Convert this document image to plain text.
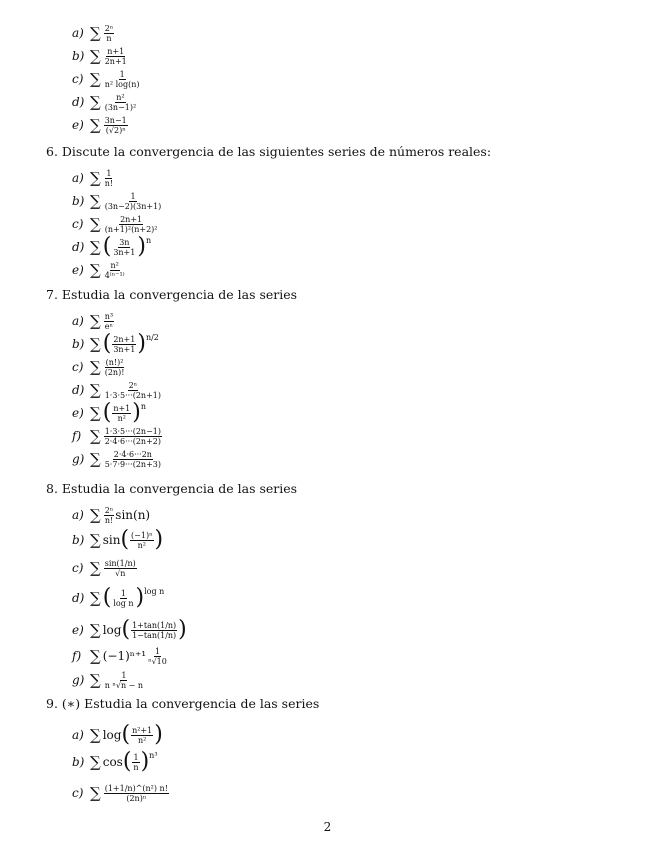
a) ∑ $\frac{\text{2ⁿ}}{n}$
b) ∑ $\frac{n+1}{2n+1}$
c) ∑ $\frac{1}{\text{n² log(n)}}$
d) ∑ $\frac{\text{n²}}{\text{(3n−1)²}}$
e) ∑ $\frac{3n-1}{\text{(√2)ⁿ}}$
6. Discute la convergencia de las siguientes series de números reales:
a) ∑ $\frac{1}{n!}$
b) ∑ $\frac{1}{(3n-2)(3n+1)}$
c) ∑ $\frac{2n+1}{\text{(n+1)²(n+2)²}}$
d) ∑ ( $\frac{3n}{3n+1} )^n$
e) ∑ $\frac{\text{n²}}{\text{4⁽ⁿ⁻¹⁾}}$
7. Estudia la convergencia de las series
a) ∑ $\frac{\text{n³}}{\text{eⁿ}}$
b) ∑ ( $\frac{2n+1}{3n+1} )^{n/2}$
c) ∑ $\frac{\text{(n!)²}}{(2n)!}$
d) ∑ $\frac{\text{2ⁿ}}{1\cdot 3\cdot 5\cdot\cdot\cdot(2n+1)}$
e) ∑ ( $\frac{n+1}{\text{n²}} )^n$
f) ∑ $\frac{1\cdot 3\cdot 5\cdot\cdot\cdot(2n-1)}{2\cdot 4\cdot 6\cdot\cdot\cdot(2n+2)}$
g) ∑ $\frac{2\cdot 4\cdot 6\cdot\cdot\cdot 2n}{5\cdot 7\cdot 9\cdot\cdot\cdot(2n+3)}$
8. Estudia la convergencia de las series
a) ∑ $\frac{\text{2ⁿ}}{n!} \sin(n)$
b) ∑ sin ( $\frac{\text{(−1)ⁿ}}{\text{n²}}$ )
c) ∑ $\frac{\sin(1/n)}{√n}$
d) ∑ ( $\frac{1}{\text{log n}} )^{log n}$
e) ∑ log ( $\frac{1+\tan(1/n)}{1-\tan(1/n)}$ )
f) ∑ $(-1)^{n+1} \frac{1}{\text{ⁿ√10}}$
g) ∑ $\frac{1}{\text{n ⁿ√n − n}}$
9. (∗) Estudia la convergencia de las series
a) ∑ log ( $\frac{\text{n²+1}}{\text{n²}}$ )
b) ∑ cos ( $\frac{1}{n} )^{n^3}$
c) ∑ $\frac{\text{(1+1/n)\textasciicircum{}(n²) n!}}{\text{(2n)ⁿ}}$
2
